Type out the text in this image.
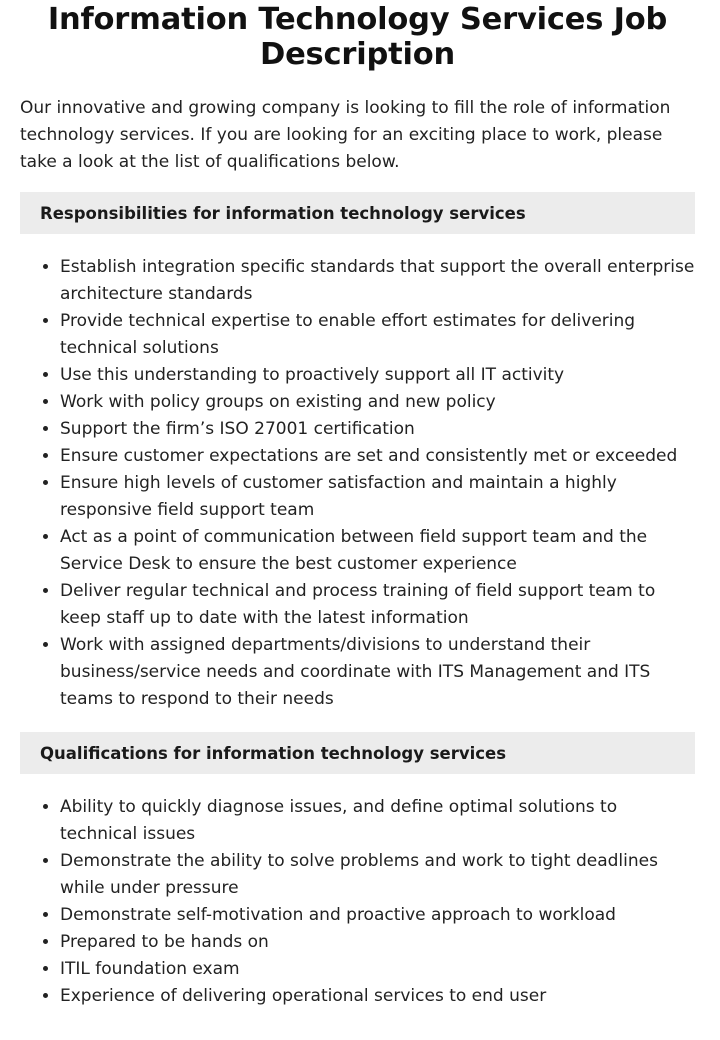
Information Technology Services Job Description

Our innovative and growing company is looking to fill the role of information technology services. If you are looking for an exciting place to work, please take a look at the list of qualifications below.

Responsibilities for information technology services
• Establish integration specific standards that support the overall enterprise architecture standards
• Provide technical expertise to enable effort estimates for delivering technical solutions
• Use this understanding to proactively support all IT activity
• Work with policy groups on existing and new policy
• Support the firm’s ISO 27001 certification
• Ensure customer expectations are set and consistently met or exceeded
• Ensure high levels of customer satisfaction and maintain a highly responsive field support team
• Act as a point of communication between field support team and the Service Desk to ensure the best customer experience
• Deliver regular technical and process training of field support team to keep staff up to date with the latest information
• Work with assigned departments/divisions to understand their business/service needs and coordinate with ITS Management and ITS teams to respond to their needs
Qualifications for information technology services
• Ability to quickly diagnose issues, and define optimal solutions to technical issues
• Demonstrate the ability to solve problems and work to tight deadlines while under pressure
• Demonstrate self-motivation and proactive approach to workload
• Prepared to be hands on
• ITIL foundation exam
• Experience of delivering operational services to end user
